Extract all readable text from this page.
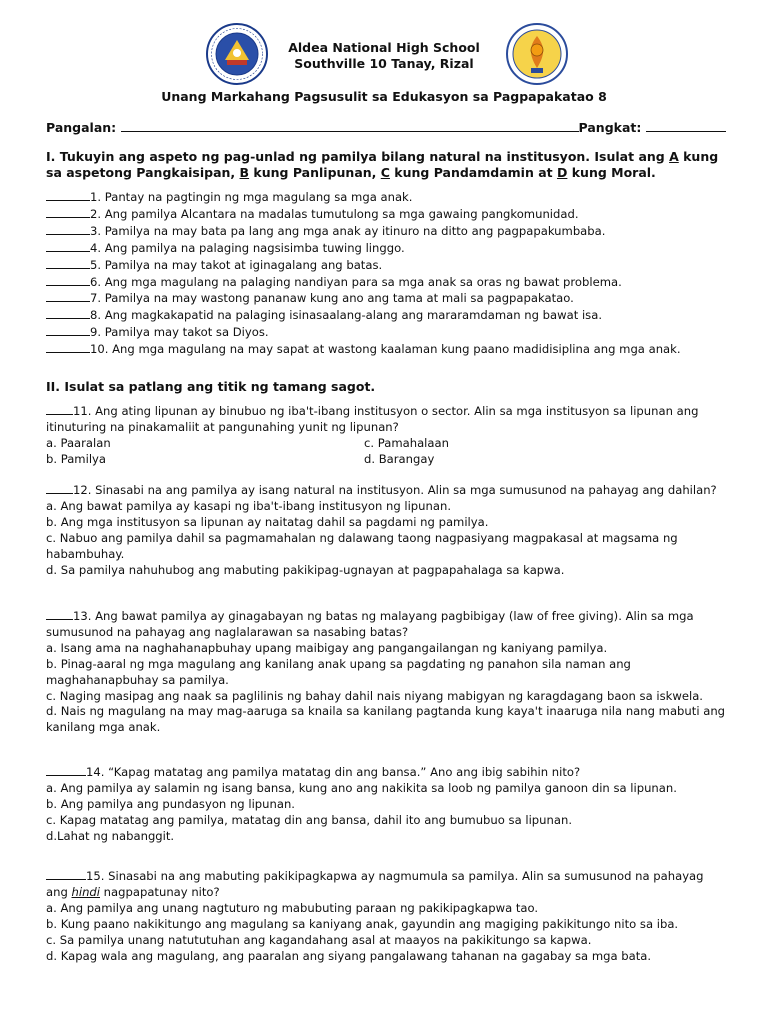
Aldea National High School
Southville 10 Tanay, Rizal
Unang Markahang Pagsusulit sa Edukasyon sa Pagpapakatao 8
Pangalan:	Pangkat:
I. Tukuyin ang aspeto ng pag-unlad ng pamilya bilang natural na institusyon. Isulat ang A kung sa aspetong Pangkaisipan, B kung Panlipunan, C kung Pandamdamin at D kung Moral.
1. Pantay na pagtingin ng mga magulang sa mga anak.
2. Ang pamilya Alcantara na madalas tumutulong sa mga gawaing pangkomunidad.
3. Pamilya na may bata pa lang ang mga anak ay itinuro na ditto ang pagpapakumbaba.
4. Ang pamilya na palaging nagsisimba tuwing linggo.
5. Pamilya na may takot at iginagalang ang batas.
6. Ang mga magulang na palaging nandiyan para sa mga anak sa oras ng bawat problema.
7. Pamilya na may wastong pananaw kung ano ang tama at mali sa pagpapakatao.
8. Ang magkakapatid na palaging isinasaalang-alang ang mararamdaman ng bawat isa.
9. Pamilya may takot sa Diyos.
10. Ang mga magulang na may sapat at wastong kaalaman kung paano madidisiplina ang mga anak.
II. Isulat sa patlang ang titik ng tamang sagot.
11. Ang ating lipunan ay binubuo ng iba't-ibang institusyon o sector. Alin sa mga institusyon sa lipunan ang itinuturing na pinakamaliit at pangunahing yunit ng lipunan?
a. Paaralan	c. Pamahalaan
b. Pamilya	d. Barangay
12. Sinasabi na ang pamilya ay isang natural na institusyon. Alin sa mga sumusunod na pahayag ang dahilan?
a. Ang bawat pamilya ay kasapi ng iba't-ibang institusyon ng lipunan.
b. Ang mga institusyon sa lipunan ay naitatag dahil sa pagdami ng pamilya.
c. Nabuo ang pamilya dahil sa pagmamahalan ng dalawang taong nagpasiyang magpakasal at magsama ng habambuhay.
d. Sa pamilya nahuhubog ang mabuting pakikipag-ugnayan at pagpapahalaga sa kapwa.
13. Ang bawat pamilya ay ginagabayan ng batas ng malayang pagbibigay (law of free giving). Alin sa mga sumusunod na pahayag ang naglalarawan sa nasabing batas?
a. Isang ama na naghahanapbuhay upang maibigay ang pangangailangan ng kaniyang pamilya.
b. Pinag-aaral ng mga magulang ang kanilang anak upang sa pagdating ng panahon sila naman ang maghahanapbuhay sa pamilya.
c. Naging masipag ang naak sa paglilinis ng bahay dahil nais niyang mabigyan ng karagdagang baon sa iskwela.
d. Nais ng magulang na may mag-aaruga sa knaila sa kanilang pagtanda kung kaya't inaaruga nila nang mabuti ang kanilang mga anak.
14. “Kapag matatag ang pamilya matatag din ang bansa.” Ano ang ibig sabihin nito?
a. Ang pamilya ay salamin ng isang bansa, kung ano ang nakikita sa loob ng pamilya ganoon din sa lipunan.
b. Ang pamilya ang pundasyon ng lipunan.
c. Kapag matatag ang pamilya, matatag din ang bansa, dahil ito ang bumubuo sa lipunan.
d.Lahat ng nabanggit.
15. Sinasabi na ang mabuting pakikipagkapwa ay nagmumula sa pamilya. Alin sa sumusunod na pahayag ang hindi nagpapatunay nito?
a. Ang pamilya ang unang nagtuturo ng mabubuting paraan ng pakikipagkapwa tao.
b. Kung paano nakikitungo ang magulang sa kaniyang anak, gayundin ang magiging pakikitungo nito sa iba.
c. Sa pamilya unang natututuhan ang kagandahang asal at maayos na pakikitungo sa kapwa.
d. Kapag wala ang magulang, ang paaralan ang siyang pangalawang tahanan na gagabay sa mga bata.
